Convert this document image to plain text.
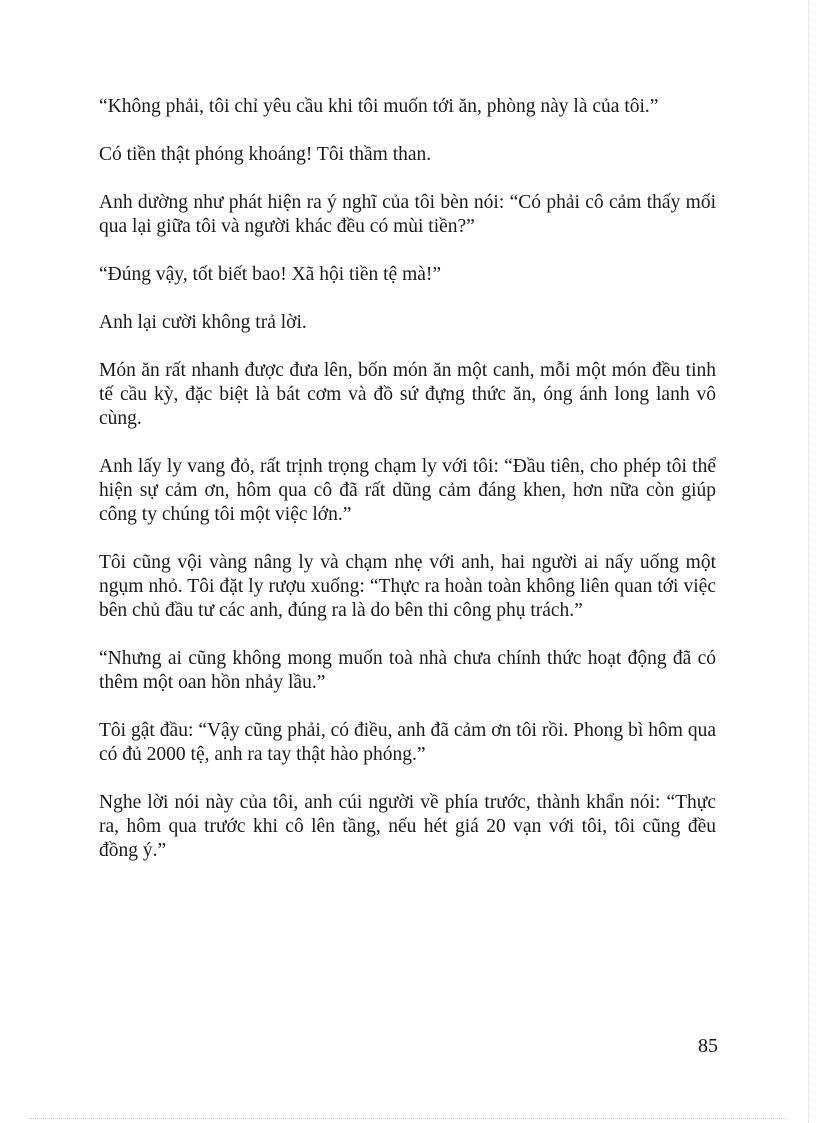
“Không phải, tôi chỉ yêu cầu khi tôi muốn tới ăn, phòng này là của tôi.”

Có tiền thật phóng khoáng! Tôi thầm than.

Anh dường như phát hiện ra ý nghĩ của tôi bèn nói: “Có phải cô cảm thấy mối qua lại giữa tôi và người khác đều có mùi tiền?”

“Đúng vậy, tốt biết bao! Xã hội tiền tệ mà!”

Anh lại cười không trả lời.

Món ăn rất nhanh được đưa lên, bốn món ăn một canh, mỗi một món đều tinh tế cầu kỳ, đặc biệt là bát cơm và đồ sứ đựng thức ăn, óng ánh long lanh vô cùng.

Anh lấy ly vang đỏ, rất trịnh trọng chạm ly với tôi: “Đầu tiên, cho phép tôi thể hiện sự cảm ơn, hôm qua cô đã rất dũng cảm đáng khen, hơn nữa còn giúp công ty chúng tôi một việc lớn.”

Tôi cũng vội vàng nâng ly và chạm nhẹ với anh, hai người ai nấy uống một ngụm nhỏ. Tôi đặt ly rượu xuống: “Thực ra hoàn toàn không liên quan tới việc bên chủ đầu tư các anh, đúng ra là do bên thi công phụ trách.”

“Nhưng ai cũng không mong muốn toà nhà chưa chính thức hoạt động đã có thêm một oan hồn nhảy lầu.”

Tôi gật đầu: “Vậy cũng phải, có điều, anh đã cảm ơn tôi rồi. Phong bì hôm qua có đủ 2000 tệ, anh ra tay thật hào phóng.”

Nghe lời nói này của tôi, anh cúi người về phía trước, thành khẩn nói: “Thực ra, hôm qua trước khi cô lên tầng, nếu hét giá 20 vạn với tôi, tôi cũng đều đồng ý.”

85
